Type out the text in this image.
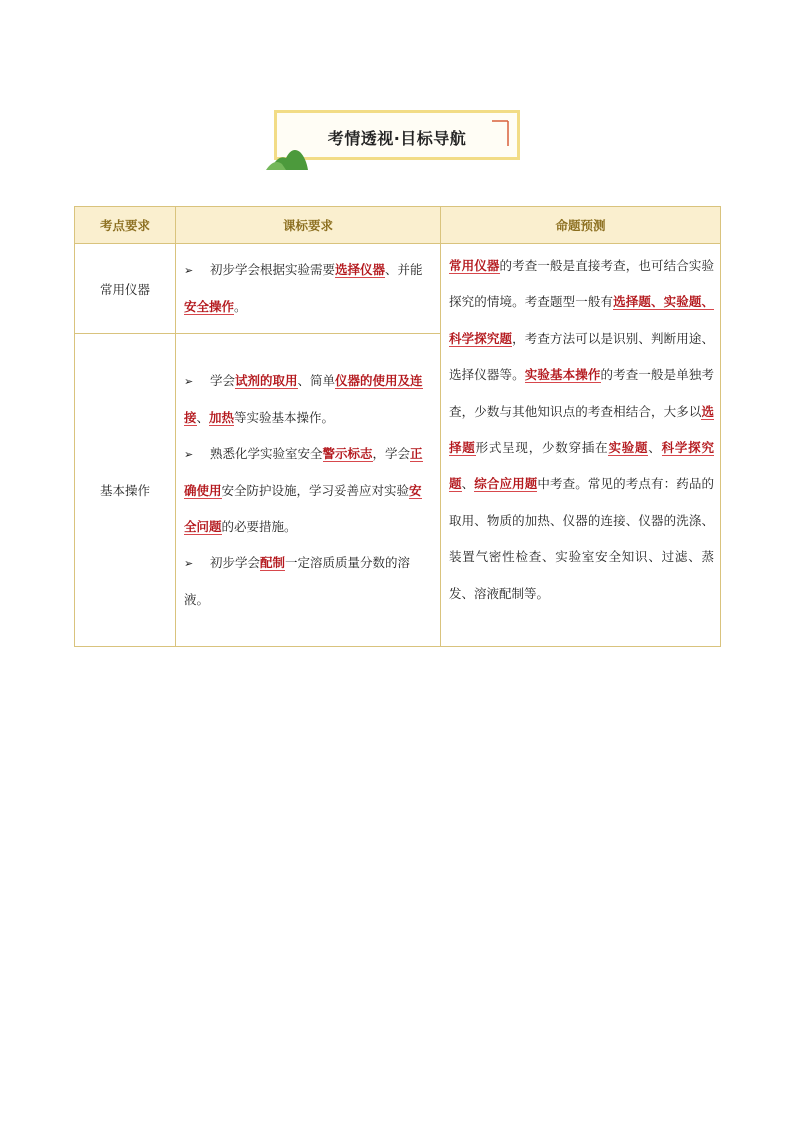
考情透视·目标导航
考点要求	课标要求	命题预测
常用仪器	➢ 初步学会根据实验需要选择仪器、并能安全操作。	常用仪器的考查一般是直接考查，也可结合实验探究的情境。考查题型一般有选择题、实验题、科学探究题，考查方法可以是识别、判断用途、选择仪器等。实验基本操作的考查一般是单独考查，少数与其他知识点的考查相结合，大多以选择题形式呈现，少数穿插在实验题、科学探究题、综合应用题中考查。常见的考点有：药品的取用、物质的加热、仪器的连接、仪器的洗涤、装置气密性检查、实验室安全知识、过滤、蒸发、溶液配制等。

基本操作	➢ 学会试剂的取用、简单仪器的使用及连接、加热等实验基本操作。
➢ 熟悉化学实验室安全警示标志，学会正确使用安全防护设施，学习妥善应对实验安全问题的必要措施。
➢ 初步学会配制一定溶质质量分数的溶液。	
